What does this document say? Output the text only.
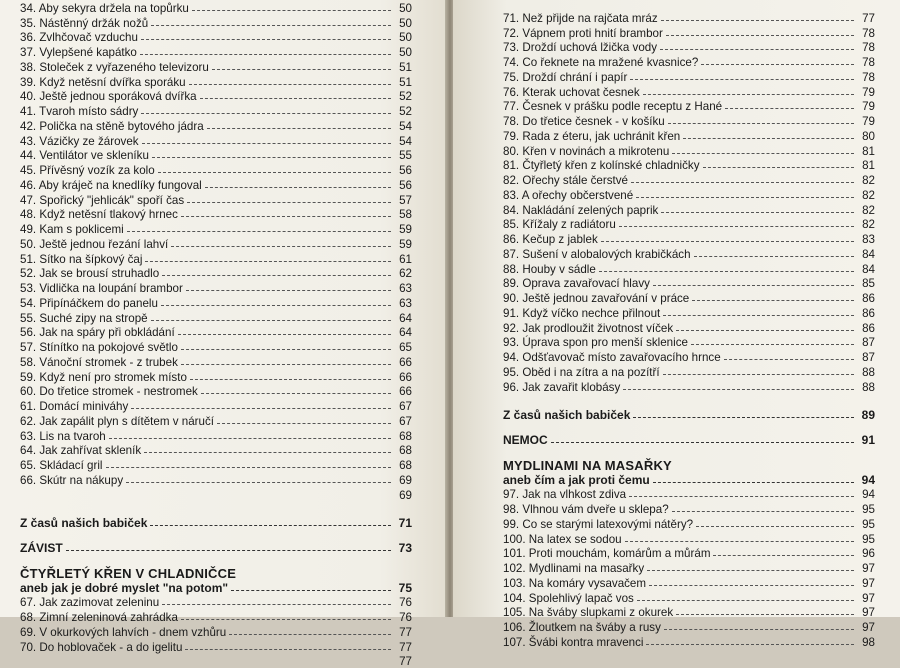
34. Aby sekyra držela na topůrku	50
35. Nástěnný držák nožů	50
36. Zvlhčovač vzduchu	50
37. Vylepšené kapátko	50
38. Stoleček z vyřazeného televizoru	51
39. Když netěsní dvířka sporáku	51
40. Ještě jednou sporáková dvířka	52
41. Tvaroh místo sádry	52
42. Polička na stěně bytového jádra	54
43. Vázičky ze žárovek	54
44. Ventilátor ve skleníku	55
45. Přívěsný vozík za kolo	56
46. Aby kráječ na knedlíky fungoval	56
47. Spořický "jehlicák" spoří čas	57
48. Když netěsní tlakový hrnec	58
49. Kam s poklicemi	59
50. Ještě jednou řezání lahví	59
51. Sítko na šípkový čaj	61
52. Jak se brousí struhadlo	62
53. Vidlička na loupání brambor	63
54. Připínáčkem do panelu	63
55. Suché zipy na stropě	64
56. Jak na spáry při obkládání	64
57. Stínítko na pokojové světlo	65
58. Vánoční stromek - z trubek	66
59. Když není pro stromek místo	66
60. Do třetice stromek - nestromek	66
61. Domácí miniváhy	67
62. Jak zapálit plyn s dítětem v náručí	67
63. Lis na tvaroh	68
64. Jak zahřívat skleník	68
65. Skládací gril	68
66. Skútr na nákupy	69
69
Z časů našich babiček	71
ZÁVIST	73
ČTYŘLETÝ KŘEN V CHLADNIČCE
aneb jak je dobré myslet "na potom"	75
67. Jak zazimovat zeleninu	76
68. Zimní zeleninová zahrádka	76
69. V okurkových lahvích - dnem vzhůru	77
70. Do hoblovaček - a do igelitu	77
77
71. Než přijde na rajčata mráz	77
72. Vápnem proti hnití brambor	78
73. Droždí uchová lžička vody	78
74. Co řeknete na mražené kvasnice?	78
75. Droždí chrání i papír	78
76. Kterak uchovat česnek	79
77. Česnek v prášku podle receptu z Hané	79
78. Do třetice česnek - v košíku	79
79. Rada z éteru, jak uchránit křen	80
80. Křen v novinách a mikrotenu	81
81. Čtyřletý křen z kolínské chladničky	81
82. Ořechy stále čerstvé	82
83. A ořechy občerstvené	82
84. Nakládání zelených paprik	82
85. Křížaly z radiátoru	82
86. Kečup z jablek	83
87. Sušení v alobalových krabičkách	84
88. Houby v sádle	84
89. Oprava zavařovací hlavy	85
90. Ještě jednou zavařování v práce	86
91. Když víčko nechce přilnout	86
92. Jak prodloužit životnost víček	86
93. Úprava spon pro menší sklenice	87
94. Odšťavovač místo zavařovacího hrnce	87
95. Oběd i na zítra a na pozítří	88
96. Jak zavařit klobásy	88
Z časů našich babiček	89
NEMOC	91
MYDLINAMI NA MASAŘKY
aneb čím a jak proti čemu	94
97. Jak na vlhkost zdiva	94
98. Vlhnou vám dveře u sklepa?	95
99. Co se starými latexovými nátěry?	95
100. Na latex se sodou	95
101. Proti mouchám, komárům a můrám	96
102. Mydlinami na masařky	97
103. Na komáry vysavačem	97
104. Spolehlivý lapač vos	97
105. Na šváby slupkami z okurek	97
106. Žloutkem na šváby a rusy	97
107. Švábi kontra mravenci	98
